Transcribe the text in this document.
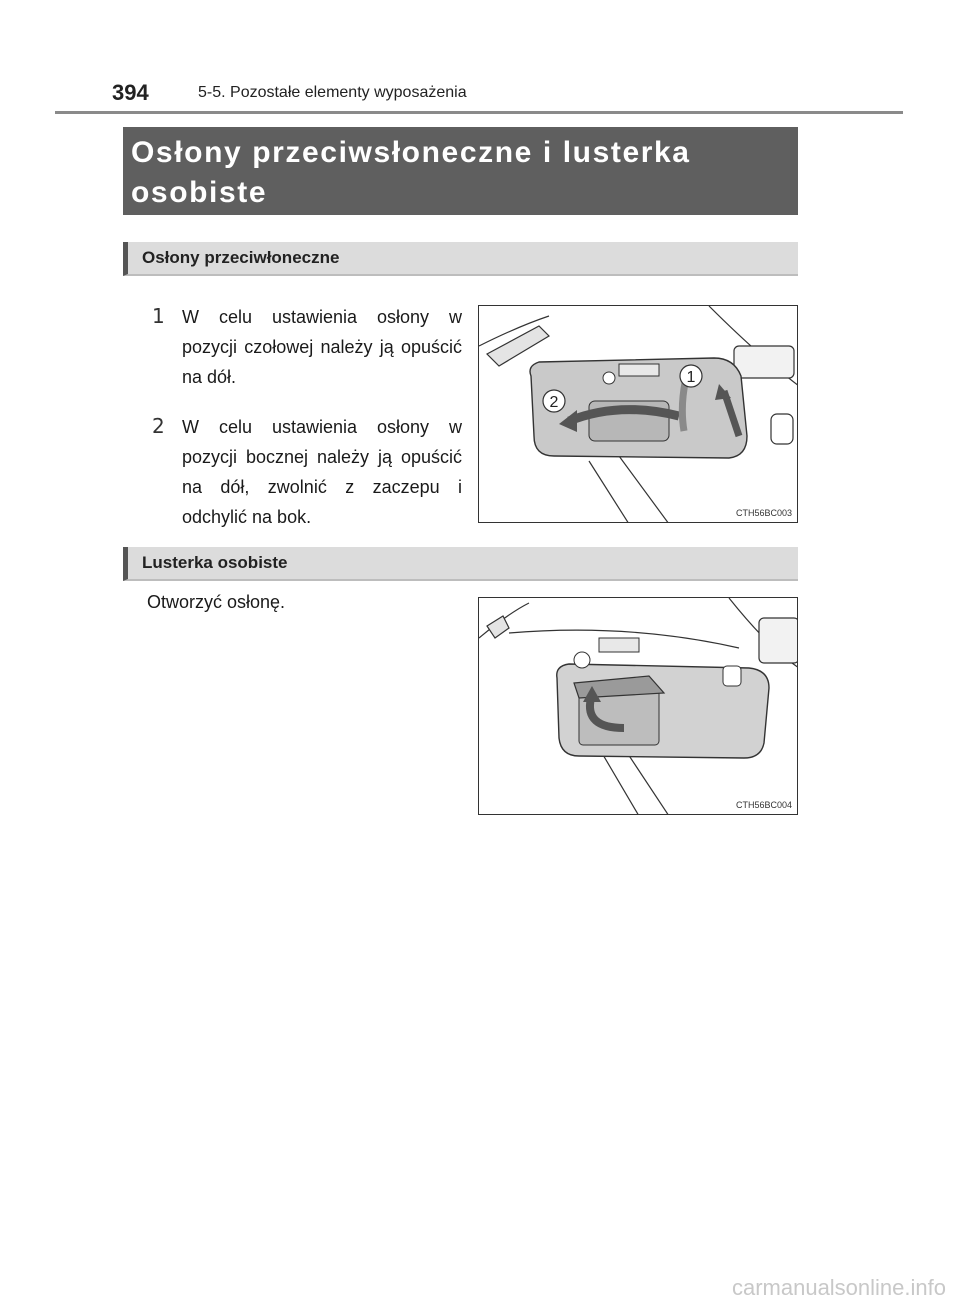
394	5-5. Pozostałe elementy wyposażenia

Osłony przeciwsłoneczne i lusterka

osobiste

Osłony przeciwłoneczne
1 W celu ustawienia osłony w pozycji czołowej należy ją opuścić na dół.
2 W celu ustawienia osłony w pozycji bocznej należy ją opuścić na dół, zwolnić z zaczepu i odchylić na bok.
1
2
CTH56BC003
Lusterka osobiste
Otworzyć osłonę.
CTH56BC004
carmanualsonline.info
